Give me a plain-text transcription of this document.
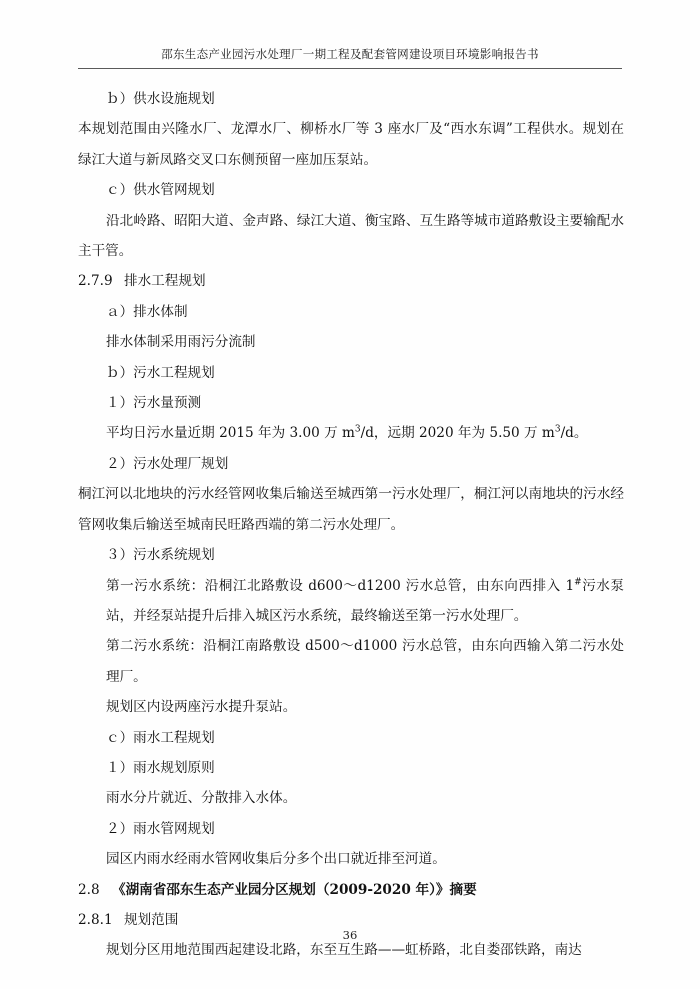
邵东生态产业园污水处理厂一期工程及配套管网建设项目环境影响报告书

ｂ）供水设施规划

本规划范围由兴隆水厂、龙潭水厂、柳桥水厂等 3 座水厂及“西水东调”工程供水。规划在绿江大道与新凤路交叉口东侧预留一座加压泵站。

ｃ）供水管网规划

沿北岭路、昭阳大道、金声路、绿江大道、衡宝路、互生路等城市道路敷设主要输配水主干管。

2.7.9 排水工程规划

ａ）排水体制

排水体制采用雨污分流制

ｂ）污水工程规划

１）污水量预测

平均日污水量近期 2015 年为 3.00 万 $m^3/d$，远期 2020 年为 5.50 万 $m^3/d$。

２）污水处理厂规划

桐江河以北地块的污水经管网收集后输送至城西第一污水处理厂，桐江河以南地块的污水经管网收集后输送至城南民旺路西端的第二污水处理厂。

３）污水系统规划

第一污水系统：沿桐江北路敷设 d600～d1200 污水总管，由东向西排入 1#污水泵站，并经泵站提升后排入城区污水系统，最终输送至第一污水处理厂。

第二污水系统：沿桐江南路敷设 d500～d1000 污水总管，由东向西输入第二污水处理厂。

规划区内设两座污水提升泵站。

ｃ）雨水工程规划

１）雨水规划原则

雨水分片就近、分散排入水体。

２）雨水管网规划

园区内雨水经雨水管网收集后分多个出口就近排至河道。

2.8 《湖南省邵东生态产业园分区规划（2009-2020 年）》摘要

2.8.1 规划范围

规划分区用地范围西起建设北路，东至互生路——虹桥路，北自娄邵铁路，南达

36
